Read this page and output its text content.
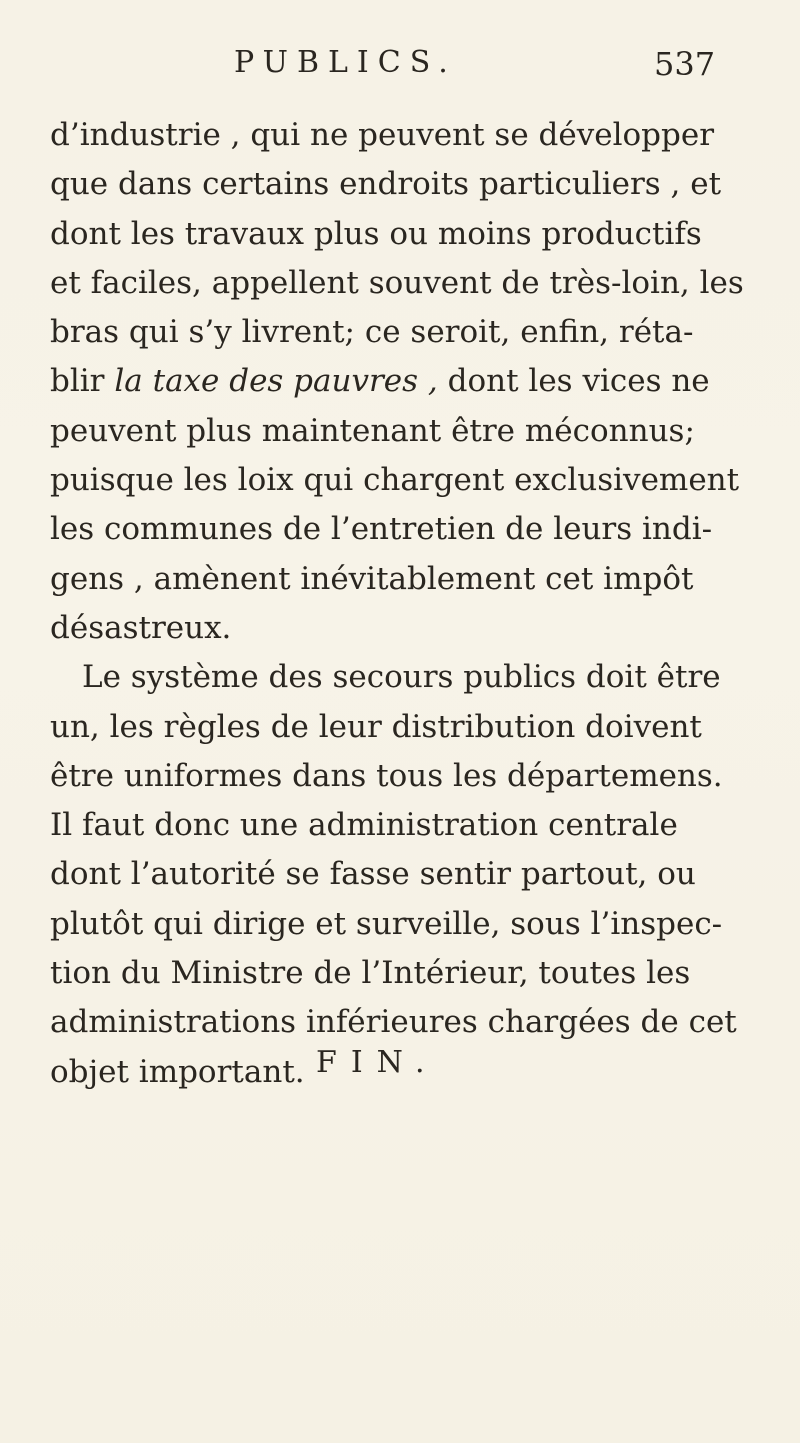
PUBLICS.	537
d’industrie , qui ne peuvent se développer
que dans certains endroits particuliers , et
dont les travaux plus ou moins productifs
et faciles, appellent souvent de très-loin, les
bras qui s’y livrent; ce seroit, enfin, réta-
blir la taxe des pauvres , dont les vices ne
peuvent plus maintenant être méconnus;
puisque les loix qui chargent exclusivement
les communes de l’entretien de leurs indi-
gens , amènent inévitablement cet impôt
désastreux.
Le système des secours publics doit être
un, les règles de leur distribution doivent
être uniformes dans tous les départemens.
Il faut donc une administration centrale
dont l’autorité se fasse sentir partout, ou
plutôt qui dirige et surveille, sous l’inspec-
tion du Ministre de l’Intérieur, toutes les
administrations inférieures chargées de cet
objet important. FIN.
